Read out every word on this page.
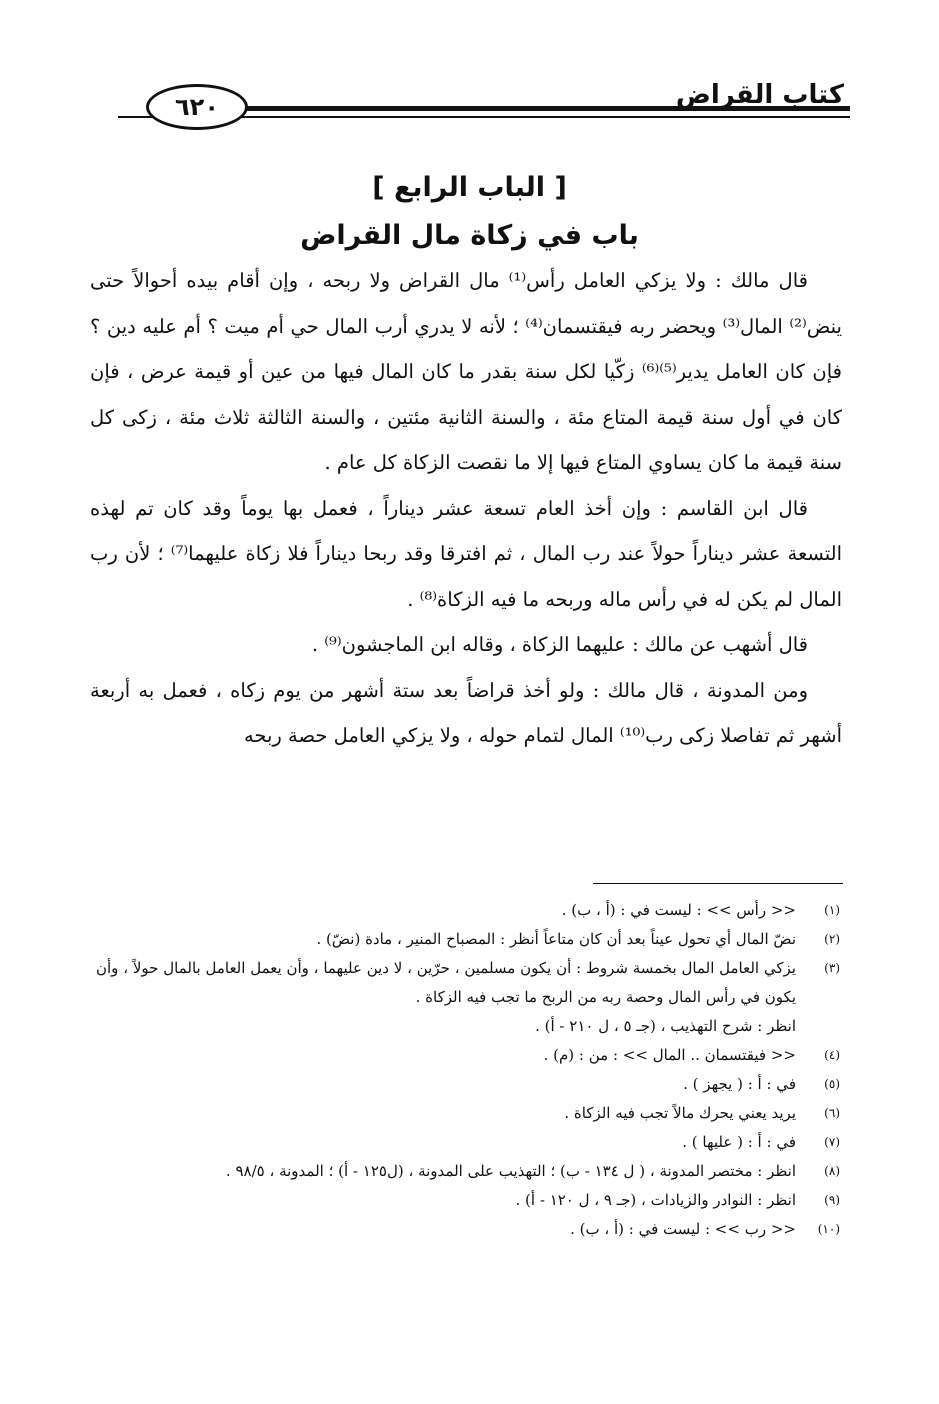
كتاب القراض
٦٢٠
[ الباب الرابع ]
باب في زكاة مال القراض

قال مالك : ولا يزكي العامل رأس⁽¹⁾ مال القراض ولا ربحه ، وإن أقام بيده أحوالاً حتى ينض⁽²⁾ المال⁽³⁾ ويحضر ربه فيقتسمان⁽⁴⁾ ؛ لأنه لا يدري أرب المال حي أم ميت ؟ أم عليه دين ؟ فإن كان العامل يدير⁽⁵⁾⁽⁶⁾ زكّيا لكل سنة بقدر ما كان المال فيها من عين أو قيمة عرض ، فإن كان في أول سنة قيمة المتاع مئة ، والسنة الثانية مئتين ، والسنة الثالثة ثلاث مئة ، زكى كل سنة قيمة ما كان يساوي المتاع فيها إلا ما نقصت الزكاة كل عام .

قال ابن القاسم : وإن أخذ العام تسعة عشر ديناراً ، فعمل بها يوماً وقد كان تم لهذه التسعة عشر ديناراً حولاً عند رب المال ، ثم افترقا وقد ربحا ديناراً فلا زكاة عليهما⁽⁷⁾ ؛ لأن رب المال لم يكن له في رأس ماله وربحه ما فيه الزكاة⁽⁸⁾ .

قال أشهب عن مالك : عليهما الزكاة ، وقاله ابن الماجشون⁽⁹⁾ .

ومن المدونة ، قال مالك : ولو أخذ قراضاً بعد ستة أشهر من يوم زكاه ، فعمل به أربعة أشهر ثم تفاصلا زكى رب⁽¹⁰⁾ المال لتمام حوله ، ولا يزكي العامل حصة ربحه

(١)
<< رأس >> : ليست في : (أ ، ب) .
(٢)
نضّ المال أي تحول عيناً بعد أن كان متاعاً أنظر : المصباح المنير ، مادة (نضّ) .
(٣)
يزكي العامل المال بخمسة شروط : أن يكون مسلمين ، حرّين ، لا دين عليهما ، وأن يعمل العامل بالمال حولاً ، وأن يكون في رأس المال وحصة ربه من الربح ما تجب فيه الزكاة .
انظر : شرح التهذيب ، (جـ ٥ ، ل ٢١٠ - أ) .
(٤)
<< فيقتسمان .. المال >> : من : (م) .
(٥)
في : أ : ( يجهز ) .
(٦)
يريد يعني يحرك مالاً تجب فيه الزكاة .
(٧)
في : أ : ( عليها ) .
(٨)
انظر : مختصر المدونة ، ( ل ١٣٤ - ب) ؛ التهذيب على المدونة ، (ل١٢٥ - أ) ؛ المدونة ، ٩٨/٥ .
(٩)
انظر : النوادر والزيادات ، (جـ ٩ ، ل ١٢٠ - أ) .
(١٠)
<< رب >> : ليست في : (أ ، ب) .
